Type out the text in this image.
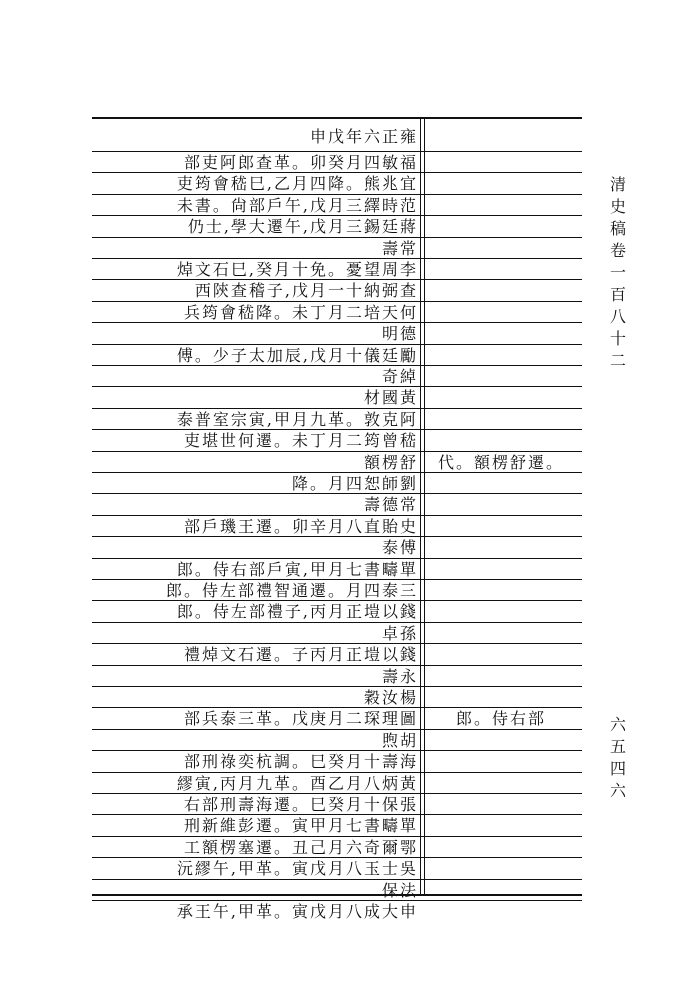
申戊年六正雍
部吏阿郎查革。卯癸月四敏福
吏筠會嵇巳,乙月四降。熊兆宜
未書。尙部戶午,戊月三繹時范
仍士,學大遷午,戊月三錫廷蔣
壽常
焯文石巳,癸月十免。憂望周李
西陝查稽子,戊月一十納弼查
兵筠會嵇降。未丁月二培天何
明德
傅。少子太加辰,戊月十儀廷勵
奇綽
材國黃
泰普室宗寅,甲月九革。敦克阿
吏堪世何遷。未丁月二筠曾嵇
額楞舒	代。額楞舒遷。
降。月四恕師劉
壽德常
部戶璣王遷。卯辛月八直貽史
泰傅
郎。侍右部戶寅,甲月七書疇單
郎。侍左部禮智通遷。月四泰三
郎。侍左部禮子,丙月正塏以錢
卓孫
禮焯文石遷。子丙月正塏以錢
壽永
穀汝楊
部兵泰三革。戊庚月二琛理圖	郎。侍右部
煦胡
部刑祿奕杭調。巳癸月十壽海
繆寅,丙月九革。酉乙月八炳黃
右部刑壽海遷。巳癸月十保張
刑新維彭遷。寅甲月七書疇單
工額楞塞遷。丑己月六奇爾鄂
沅繆午,甲革。寅戊月八玉士吳
保法
承王午,甲革。寅戊月八成大申
清史稿卷一百八十二
六五四六
